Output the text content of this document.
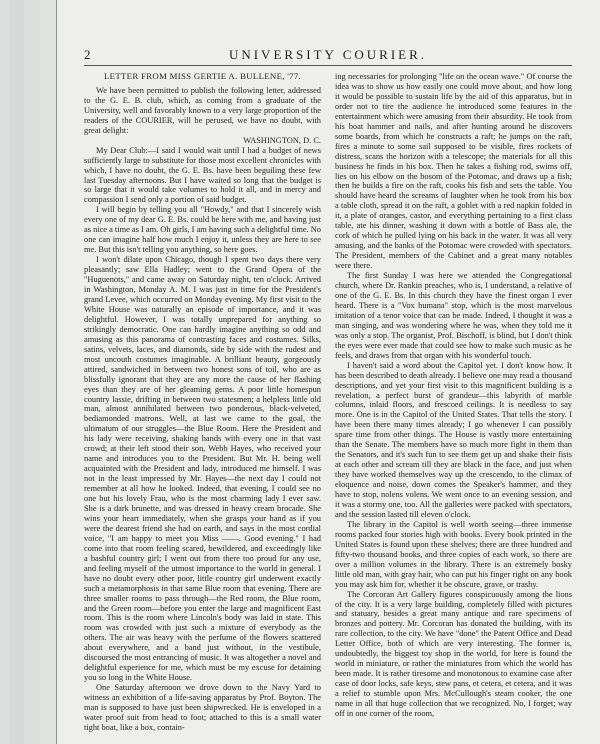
2	UNIVERSITY COURIER.

LETTER FROM MISS GERTIE A. BULLENE, '77.

We have been permitted to publish the following letter, addressed to the G. E. B. club, which, as coming from a graduate of the University, well and favorably known to a very large proportion of the readers of the COURIER, will be perused, we have no doubt, with great delight:

WASHINGTON, D. C.

My Dear Club:—I said I would wait until I had a budget of news sufficiently large to substitute for those most excellent chronicles with which, I have no doubt, the G. E. Bs. have been beguiling these few last Tuesday afternoons. But I have waited so long that the budget is so large that it would take volumes to hold it all, and in mercy and compassion I send only a portion of said budget.

I will begin by telling you all "Howdy," and that I sincerely wish every one of my dear G. E. Bs. could be here with me, and having just as nice a time as I am. Oh girls, I am having such a delightful time. No one can imagine half how much I enjoy it, unless they are here to see me. But this isn't telling you anything, so here goes.

I won't dilate upon Chicago, though I spent two days there very pleasantly; saw Ella Hadley; went to the Grand Opera of the "Huguenots," and came away on Saturday night, ten o'clock. Arrived in Washington, Monday A. M. I was just in time for the President's grand Levee, which occurred on Monday evening. My first visit to the White House was naturally an episode of importance, and it was delightful. However, I was totally unprepared for anything so strikingly democratic. One can hardly imagine anything so odd and amusing as this panorama of contrasting faces and costumes. Silks, satins, velvets, laces, and diamonds, side by side with the rudest and most uncouth costumes imaginable. A brilliant beauty, gorgeously attired, sandwiched in between two honest sons of toil, who are as blissfully ignorant that they are any more the cause of her flashing eyes than they are of her gleaming gems. A poor little homespun country lassie, drifting in between two statesmen; a helpless little old man, almost annihilated between two ponderous, black-velveted, bediamonded matrons. Well, at last we came to the goal, the ultimatum of our struggles—the Blue Room. Here the President and his lady were receiving, shaking hands with every one in that vast crowd; at their left stood their son, Webb Hayes, who received your name and introduces you to the President. But Mr. H. being well acquainted with the President and lady, introduced me himself. I was not in the least impressed by Mr. Hayes—the next day I could not remember at all how he looked. Indeed, that evening, I could see no one but his lovely Frau, who is the most charming lady I ever saw. She is a dark brunette, and was dressed in heavy cream brocade. She wins your heart immediately, when she grasps your hand as if you were the dearest friend she had on earth, and says in the most cordial voice, "I am happy to meet you Miss ——. Good evening." I had come into that room feeling scared, bewildered, and exceedingly like a bashful country girl; I went out from there too proud for any use, and feeling myself of the utmost importance to the world in general. I have no doubt every other poor, little country girl underwent exactly such a metamorphosis in that same Blue room that evening. There are three smaller rooms to pass through—the Red room, the Blue room, and the Green room—before you enter the large and magnificent East room. This is the room where Lincoln's body was laid in state. This room was crowded with just such a mixture of everybody as the others. The air was heavy with the perfume of the flowers scattered about everywhere, and a band just without, in the vestibule, discoursed the most entrancing of music. It was altogether a novel and delightful experience for me, which must be my excuse for detaining you so long in the White House.

One Saturday afternoon we drove down to the Navy Yard to witness an exhibition of a life-saving apparatus by Prof. Boyton. The man is supposed to have just been shipwrecked. He is enveloped in a water proof suit from head to foot; attached to this is a small water tight boat, like a box, contain-

ing necessaries for prolonging "life on the ocean wave." Of course the idea was to show us how easily one could move about, and how long it would be possible to sustain life by the aid of this apparatus, but in order not to tire the audience he introduced some features in the entertainment which were amusing from their absurdity. He took from his boat hammer and nails, and after hunting around he discovers some boards, from which he constructs a raft; he jumps on the raft, fires a minute to some sail supposed to be visible, fires rockets of distress, scans the horizon with a telescope; the materials for all this business he finds in his box. Then he takes a fishing rod, swims off, lies on his elbow on the bosom of the Potomac, and draws up a fish; then he builds a fire on the raft, cooks his fish and sets the table. You should have heard the screams of laughter when he took from his box a table cloth, spread it on the raft, a goblet with a red napkin folded in it, a plate of oranges, castor, and everything pertaining to a first class table, ate his dinner, washing it down with a bottle of Bass ale, the cork of which he pulled lying on his back in the water. It was all very amusing, and the banks of the Potomac were crowded with spectators. The President, members of the Cabinet and a great many notables were there.

The first Sunday I was here we attended the Congregational church, where Dr. Rankin preaches, who is, I understand, a relative of one of the G. E. Bs. In this church they have the finest organ I ever heard. There is a "Vox humana" stop, which is the most marvelous imitation of a tenor voice that can be made. Indeed, I thought it was a man singing, and was wondering where he was, when they told me it was only a stop. The organist, Prof. Bischoff, is blind, but I don't think the eyes were ever made that could see how to make such music as he feels, and draws from that organ with his wonderful touch.

I haven't said a word about the Capitol yet. I don't know how. It has been described to death already. I believe one may read a thousand descriptions, and yet your first visit to this magnificent building is a revelation, a perfect burst of grandeur—this labyrith of marble columns, inlaid floors, and frescoed ceilings. It is needless to say more. One is in the Capitol of the United States. That tells the story. I have been there many times already; I go whenever I can possibly spare time from other things. The House is vastly more entertaining than the Senate. The members have so much more fight in them than the Senators, and it's such fun to see them get up and shake their fists at each other and scream till they are black in the face, and just when they have worked themselves way up the crescendo, to the climax of eloquence and noise, down comes the Speaker's hammer, and they have to stop, nolens volens. We went once to an evening session, and it was a stormy one, too. All the galleries were packed with spectators, and the session lasted till eleven o'clock.

The library in the Capitol is well worth seeing—three immense rooms packed four stories high with books. Every book printed in the United States is found upon these shelves; there are three hundred and fifty-two thousand books, and three copies of each work, so there are over a million volumes in the library. There is an extremely bosky little old man, with gray hair, who can put his finger right on any book you may ask him for, whether it be obscure, grave, or trashy.

The Corcoran Art Gallery figures conspicuously among the lions of the city. It is a very large building, completely filled with pictures and statuary, besides a great many antique and rare specimens of bronzes and pottery. Mr. Corcoran has donated the building, with its rare collection, to the city. We have "done" the Patent Office and Dead Letter Office, both of which are very interesting. The former is, undoubtedly, the biggest toy shop in the world, for here is found the world in miniature, or rather the miniatures from which the world has been made. It is rather tiresome and monotonous to examine case after case of door locks, safe keys, stew pans, et cetera, et cetera, and it was a relief to stumble upon Mrs. McCullough's steam cooker, the one name in all that huge collection that we recognized. No, I forget; way off in one corner of the room,
